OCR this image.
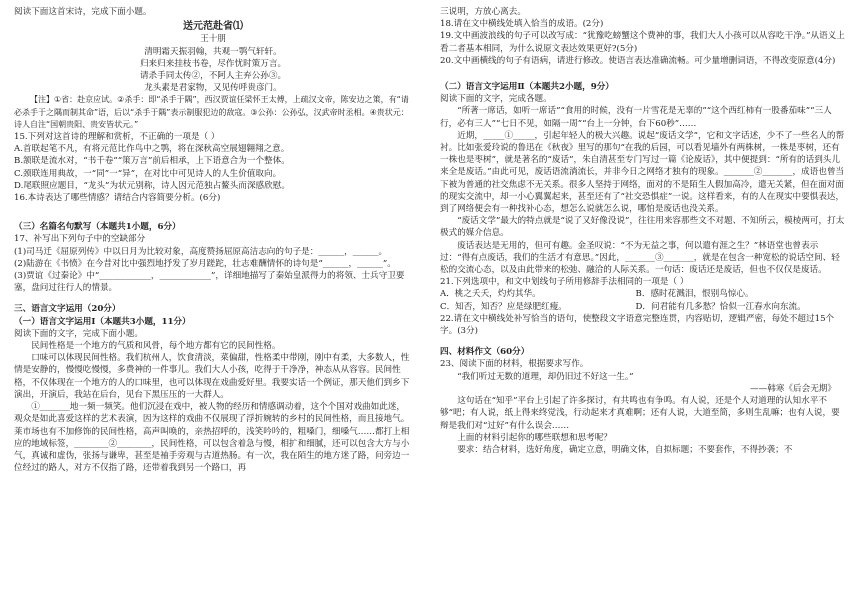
阅读下面这首宋诗，完成下面小题。

送元范赴省⑴

王十朋

清明霜天振羽翰，共观一鹗气轩轩。

归来归来挂枝书卷，尽作忧时策万言。

请杀手同太传②，不阿人主弃公孙③。

龙头素是君家物，又见传呼贵彦门。

【注】①省：赴京应试。②杀手：即“杀手于隅”，西汉贾谊任梁怀王太傅，上疏汉文帝，陈安边之策，有“请必杀手于之隅而制其命”语，后以“杀手于隅”表示制服犯边的敌寇。③公孙：公孙弘，汉武帝时丞相。④贵状元：诗人自注“国朝贵阳、贵安皆状元。”

15.下列对这首诗的理解和赏析，不正确的一项是（ ）

A.首联起笔不凡，有将元范比作鸟中之鹗，将在深秋高空展翅翱翔之意。

B.颔联是流水对，“书千卷”“策万言”前后相承，上下语意合为一个整体。

C.颈联连用典故，一“同”一“异”，在对比中可见诗人的人生价值取向。

D.尾联照应题目，“龙头”为状元别称，诗人因元范独占鳌头而深感欣慰。

16.本诗表达了哪些情感？请结合内容简要分析。(6分)

（三）名篇名句默写（本题共1小题，6分）

17、补写出下列句子中的空缺部分

(1)司马迁《屈原列传》中以日月为比较对象，高度赞扬屈原高洁志向的句子是：______，______。

(2)陆游在《书愤》在今昔对比中强烈地抒发了岁月蹉跎，壮志难酬情怀的诗句是“______，______”。

(3)贾谊《过秦论》中“____________，____________”，详细地描写了秦始皇派得力的将领、士兵守卫要塞，盘问过往行人的情景。

三、语言文字运用（20分）

（一）语言文字运用Ⅰ（本题共3小题，11分）

阅读下面的文字，完成下面小题。

民间性格是一个地方的气质和风骨，每个地方都有它的民间性格。

口味可以体现民间性格。我们杭州人，饮食清淡，菜偏甜，性格柔中带刚，刚中有柔，大多数人，性情是安静的，慢慢吃慢慢，多费神的一件事儿。我们大人小孩，吃得于千净净，神态从从容容。民间性格，不仅体现在一个地方的人的口味里，也可以体现在戏曲爱好里。我要实话一个例证，那天他们到乡下演出，开演后，我站在后台，见台下黑压压的一大群人。

①_______地一频一频笑。他们沉浸在戏中，被人物的经历和情感调动着，这个个国对戏曲如此迷，观众是如此喜爱这样的艺术表演，因为这样的戏曲不仅展现了浮折婉转的乡村的民间性格，而且接地气。莱市场也有不加修饰的民间性格，高声叫唤的，亲热招呼的，浅笑吟吟的，粗嗓门，细嗓气……都打上相应的地域标签，________②________，民间性格，可以包含着急与慢，相扩和细腻，还可以包含大方与小气，真诚和虚伪，张扬与谦卑，甚至是袖手旁观与古道热肠。有一次，我在陌生的地方迷了路，问旁边一位经过的路人，对方不仅指了路，还带着我到另一个路口，再

三说明，方放心离去。

18.请在文中横线处填入恰当的成语。(2分)

19.文中画波浪线的句子可以改写成：“犹豫吃螃蟹这个费神的事，我们大人小孩可以从容吃干净。”从语义上看二者基本相同，为什么说原文表达效果更好?(5分)

20.文中画横线的句子有语病，请进行修改。使语言表达准确流畅。可少量增删词语，不得改变原意(4分)

（二）语言文字运用Ⅱ（本题共2小题，9分）

阅读下面的文字，完成各题。

“所著一席话，如听一席话”“食用的时候，没有一片雪花是无辜的”“这个西红柿有一股番茄味”“三人行，必有三人”“七日不见，如隔一周”“台上一分钟，台下60秒”……

近期，_____①_____，引起年轻人的极大兴趣。说起“废话文学”，它和文字话述，少不了一些名人的帮衬。比如张爱玲说的鲁迅在《秋夜》里写的那句“在我的后园，可以看见墙外有两株树，一株是枣树，还有一株也是枣树”，就是著名的“废话”，朱自清甚至专门写过一篇《论废话》，其中便提到：“所有的话到头儿来全是废话。”由此可见，废话语流淌流长，并非今日之网络才独有的现象。_______②_______，成语也曾当下被为普通的社交焦虑不无关系。很多人坚持于网络，面对的不是陌生人假加高冷，遣无关紧，但在面对面的现实交流中，却一小心翼翼起来，甚至还有了“社交恐惧症”一说。这样看来，有的人在现实中要惧表达，到了网络便会有一种找补心态，想怎么说就怎么说，哪怕是废话也没关系。

“废话文学”最大的特点就是“说了又好像没说”，往往用来容那些文不对题、不知所云，模棱两可，打太极式的媒介信息。

废话表达是无用的，但可有趣。金圣叹说：“不为无益之事，何以遣有涯之生？”林语堂也曾表示过：“得有点废话，我们的生活才有意思。”因此，_______③_______，就是在包含一种宽松的说话空间、轻松的交流心态，以及由此带来的松弛、融洽的人际关系。一句话：废话还是废话，但也不仅仅是废话。

21.下列选项中，和文中划线句子所用修辞手法相同的一项是（ ）

A．桃之夭夭，灼灼其华。	B．感时花溅泪，恨别鸟惊心。
C．知否，知否？应是绿肥红瘦。	D．问君能有几多愁？恰似一江春水向东流。

22.请在文中横线处补写恰当的语句，使整段文字语意完整连贯，内容贴切，逻辑严密，每处不超过15个字。(3分)

四、材料作文（60分）

23、阅读下面的材料，根据要求写作。

“我们听过无数的道理，却仍旧过不好这一生。”

——韩寒《后会无期》

这句话在“知乎”平台上引起了许多探讨，有共鸣也有争鸣。有人说，还是个人对道理的认知水平不够“吧；有人说，纸上得来终觉浅，行动起来才真难啊；还有人说，大道至简，多则生乱嘛；也有人说，要辩是我们对“过好”有什么误会……

上面的材料引起你的哪些联想和思考呢？

要求：结合材料，选好角度，确定立意，明确文体，自拟标题；不要套作，不得抄袭；不
